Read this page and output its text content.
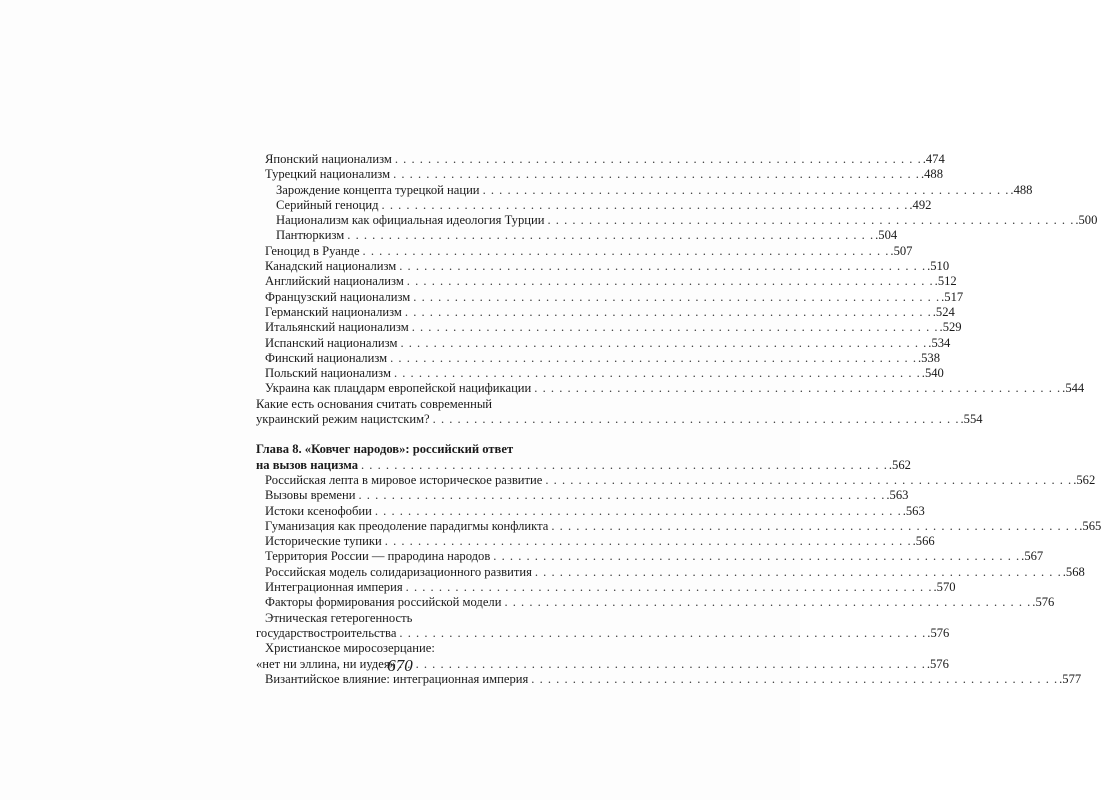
Японский национализм . . .	. 474
Турецкий национализм . . .	. 488
Зарождение концепта турецкой нации . . .	. 488
Серийный геноцид . . .	. 492
Национализм как официальная идеология Турции . . .	. 500
Пантюркизм . . .	. 504
Геноцид в Руанде . . .	. 507
Канадский национализм . . .	. 510
Английский национализм . . .	. 512
Французский национализм . . .	. 517
Германский национализм . . .	. 524
Итальянский национализм . . .	. 529
Испанский национализм . . .	. 534
Финский национализм . . .	. 538
Польский национализм . . .	. 540
Украина как плацдарм европейской нацификации . . .	. 544
Какие есть основания считать современный
украинский режим нацистским? . . .	. 554
Глава 8. «Ковчег народов»: российский ответ
на вызов нацизма . . .	. 562
Российская лепта в мировое историческое развитие . . .	. 562
Вызовы времени . . .	. 563
Истоки ксенофобии . . .	. 563
Гуманизация как преодоление парадигмы конфликта . . .	. 565
Исторические тупики . . .	. 566
Территория России — прародина народов . . .	. 567
Российская модель солидаризационного развития . . .	. 568
Интеграционная империя . . .	. 570
Факторы формирования российской модели . . .	. 576
Этническая гетерогенность
государствостроительства . . .	. 576
Христианское миросозерцание:
«нет ни эллина, ни иудея» . . .	. 576
Византийское влияние: интеграционная империя . . .	. 577
670
